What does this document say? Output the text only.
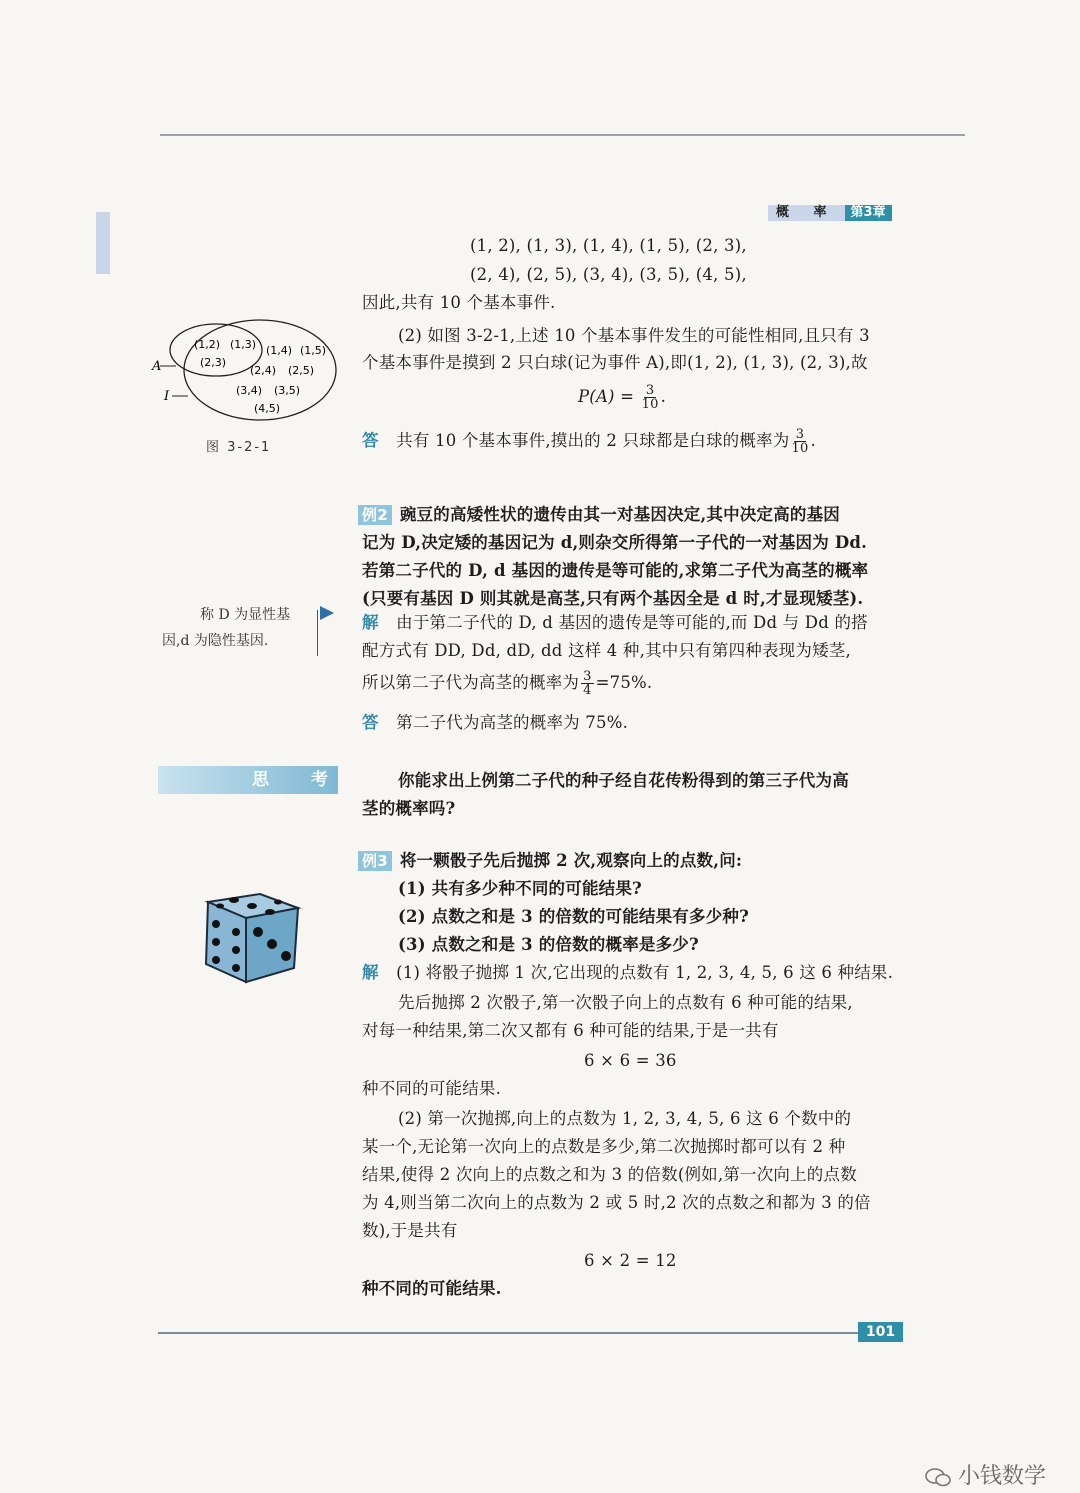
概 率	第3章
A
I
(1,2) (1,3)
(2,3)
(1,4) (1,5)
(2,4) (2,5)
(3,4) (3,5)
(4,5)
图 3-2-1
(1, 2), (1, 3), (1, 4), (1, 5), (2, 3),
(2, 4), (2, 5), (3, 4), (3, 5), (4, 5),
因此,共有 10 个基本事件.
(2) 如图 3-2-1,上述 10 个基本事件发生的可能性相同,且只有 3
个基本事件是摸到 2 只白球(记为事件 A),即(1, 2), (1, 3), (2, 3),故
$P(A) = \frac{3}{10}$ .
答 共有 10 个基本事件,摸出的 2 只球都是白球的概率为 $\frac{3}{10}$ .
例2 豌豆的高矮性状的遗传由其一对基因决定,其中决定高的基因
记为 D,决定矮的基因记为 d,则杂交所得第一子代的一对基因为 Dd.
若第二子代的 D, d 基因的遗传是等可能的,求第二子代为高茎的概率
(只要有基因 D 则其就是高茎,只有两个基因全是 d 时,才显现矮茎).
称 D 为显性基
因,d 为隐性基因.
解 由于第二子代的 D, d 基因的遗传是等可能的,而 Dd 与 Dd 的搭
配方式有 DD, Dd, dD, dd 这样 4 种,其中只有第四种表现为矮茎,
所以第二子代为高茎的概率为 $\frac{3}{4} =75\%$.
答 第二子代为高茎的概率为 75%.
思 考	你能求出上例第二子代的种子经自花传粉得到的第三子代为高
茎的概率吗?
例3 将一颗骰子先后抛掷 2 次,观察向上的点数,问:
(1) 共有多少种不同的可能结果?
(2) 点数之和是 3 的倍数的可能结果有多少种?
(3) 点数之和是 3 的倍数的概率是多少?
解 (1) 将骰子抛掷 1 次,它出现的点数有 1, 2, 3, 4, 5, 6 这 6 种结果.
先后抛掷 2 次骰子,第一次骰子向上的点数有 6 种可能的结果,
对每一种结果,第二次又都有 6 种可能的结果,于是一共有
6 × 6 = 36
种不同的可能结果.
(2) 第一次抛掷,向上的点数为 1, 2, 3, 4, 5, 6 这 6 个数中的
某一个,无论第一次向上的点数是多少,第二次抛掷时都可以有 2 种
结果,使得 2 次向上的点数之和为 3 的倍数(例如,第一次向上的点数
为 4,则当第二次向上的点数为 2 或 5 时,2 次的点数之和都为 3 的倍
数),于是共有
6 × 2 = 12
种不同的可能结果.
101
小钱数学
